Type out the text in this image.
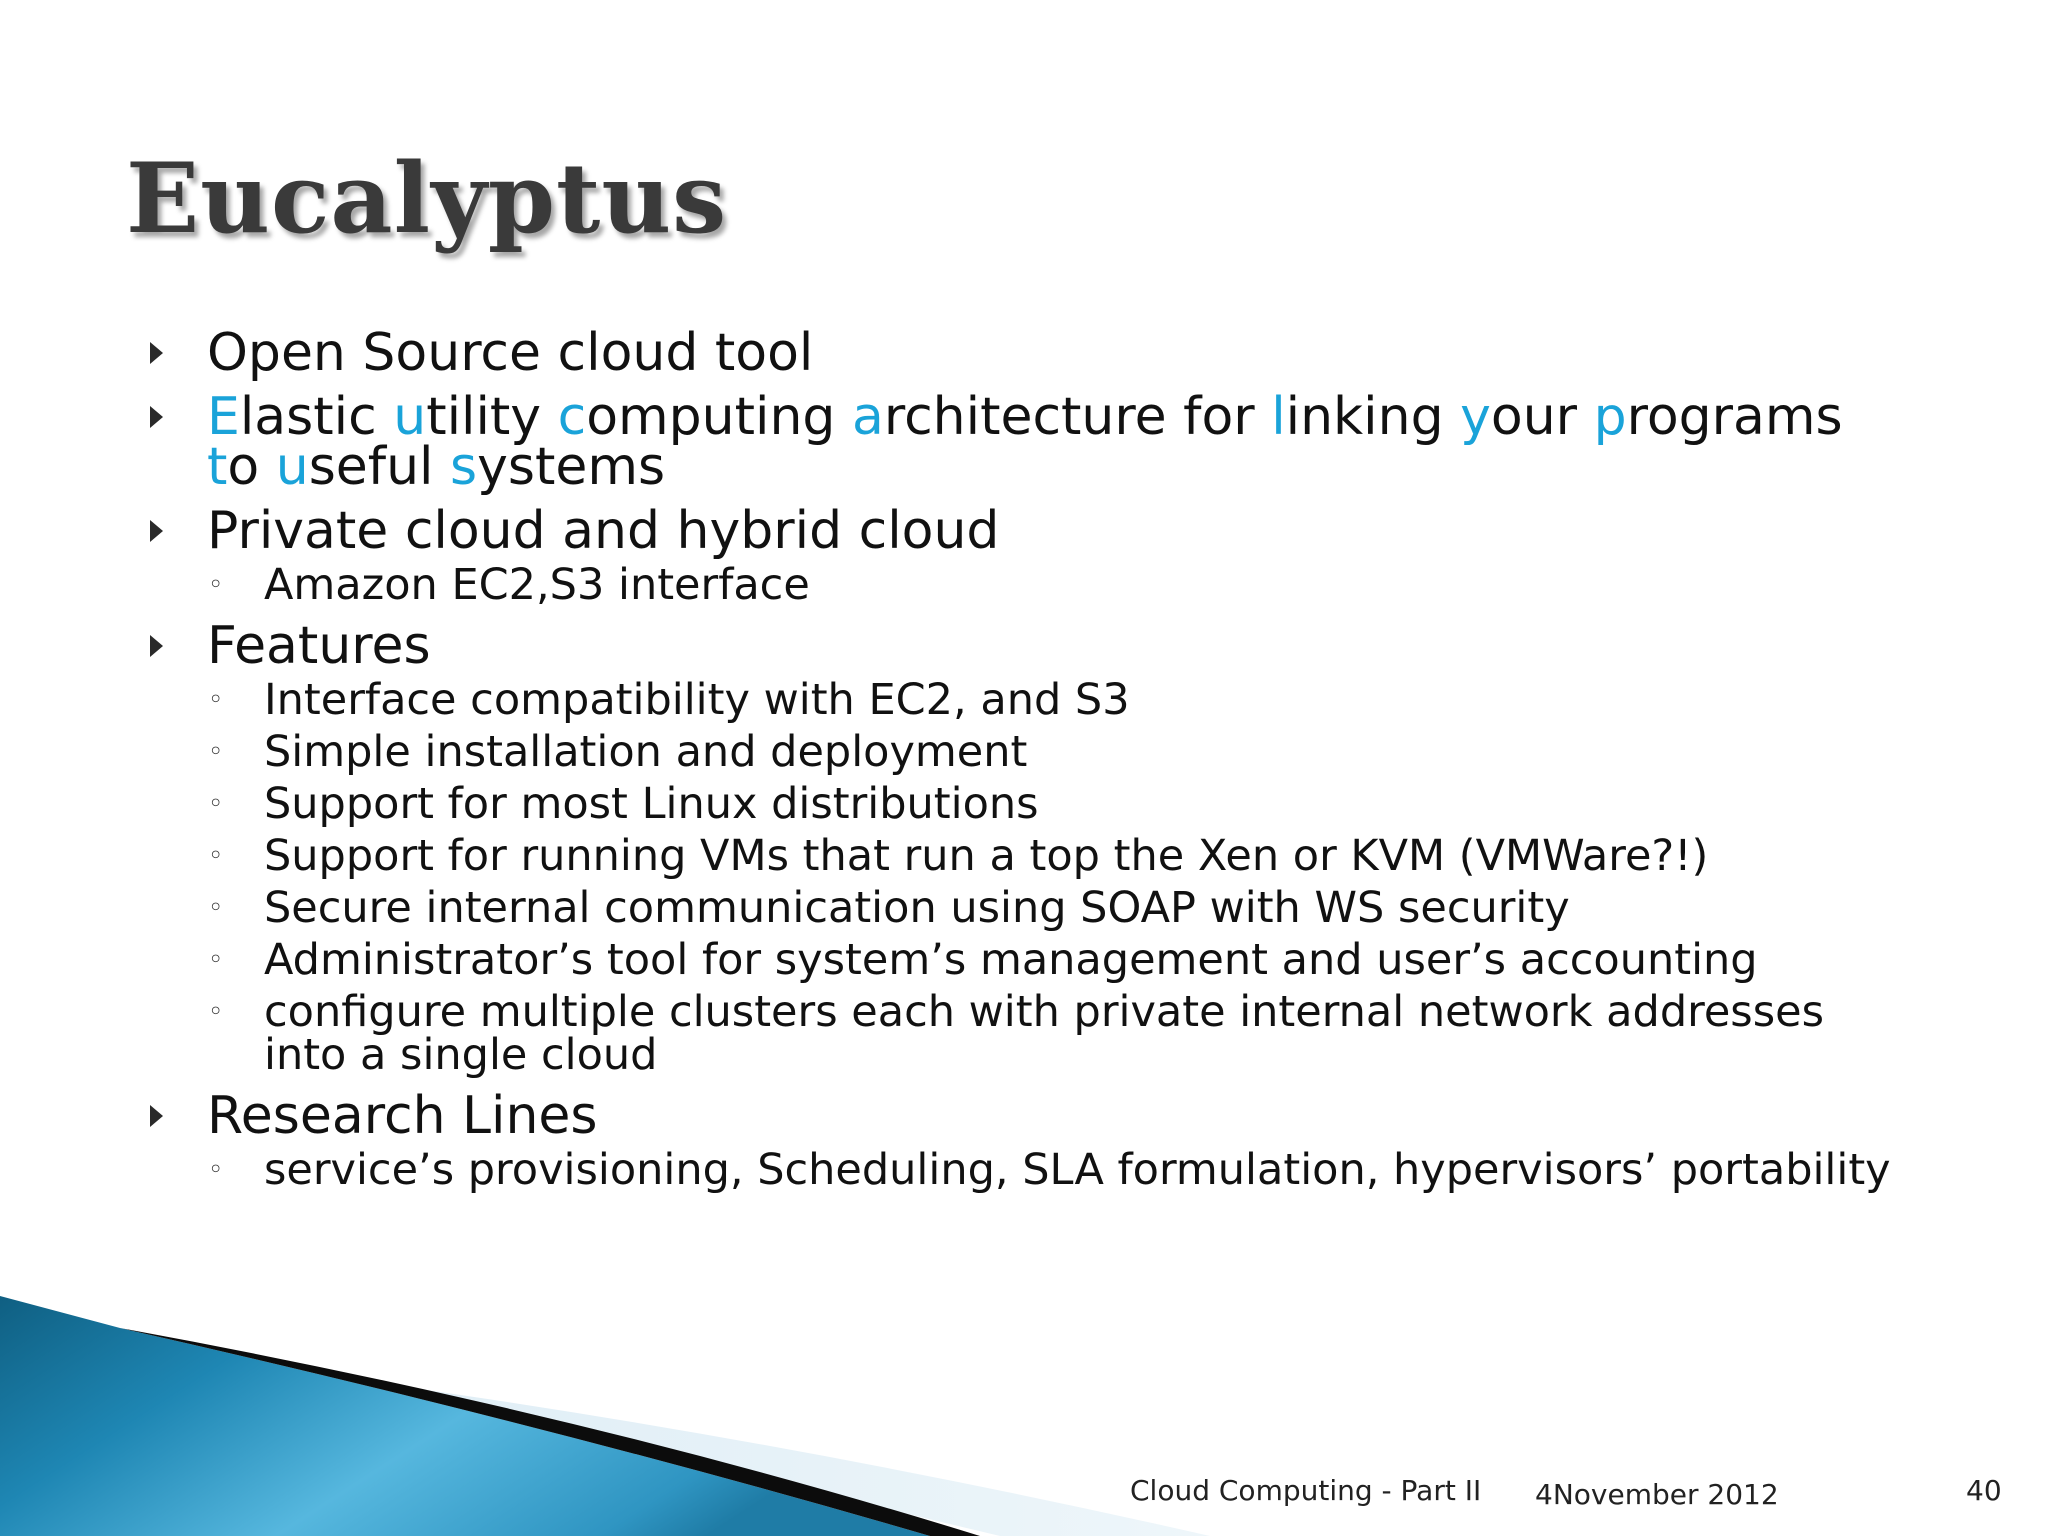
Eucalyptus
Open Source cloud tool
Elastic utility computing architecture for linking your programs
to useful systems
Private cloud and hybrid cloud
◦ Amazon EC2,S3 interface
Features
◦ Interface compatibility with EC2, and S3
◦ Simple installation and deployment
◦ Support for most Linux distributions
◦ Support for running VMs that run a top the Xen or KVM (VMWare?!)
◦ Secure internal communication using SOAP with WS security
◦ Administrator’s tool for system’s management and user’s accounting
◦ configure multiple clusters each with private internal network addresses into a single cloud
Research Lines
◦ service’s provisioning, Scheduling, SLA formulation, hypervisors’ portability
Cloud Computing - Part II 4November 2012	40
